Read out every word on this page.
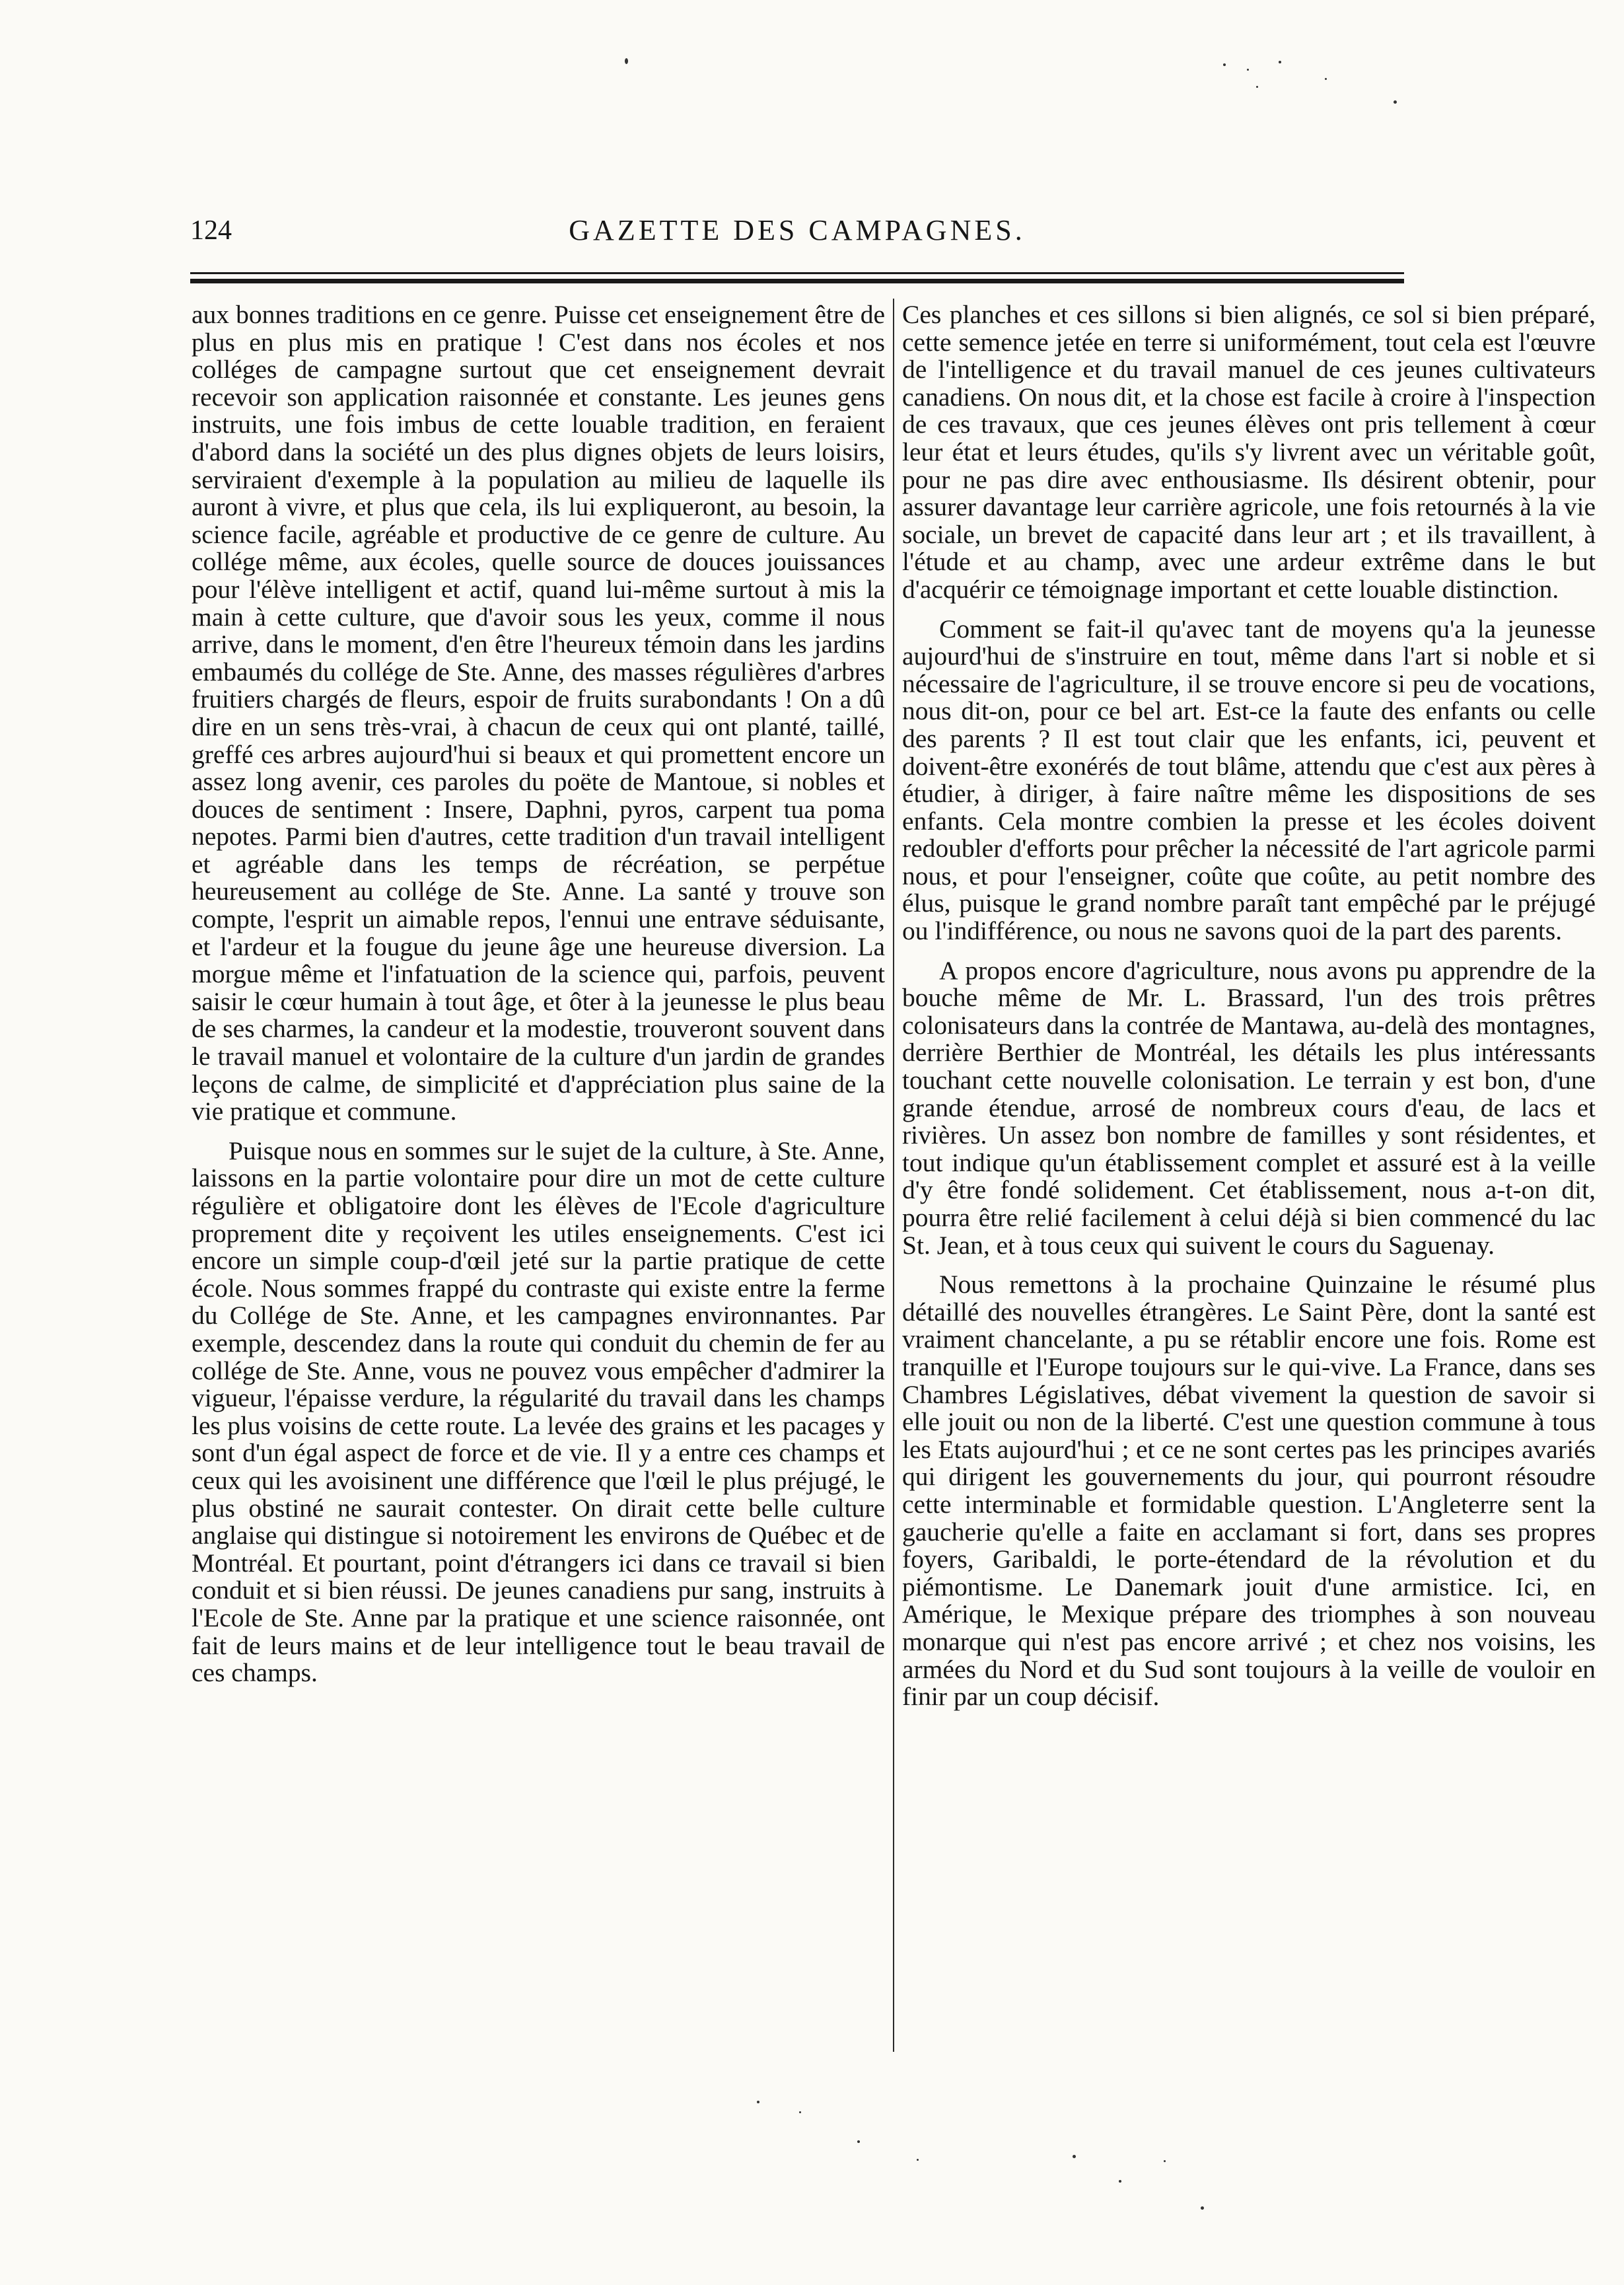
124	GAZETTE DES CAMPAGNES.

aux bonnes traditions en ce genre. Puisse cet enseignement être de plus en plus mis en pratique ! C'est dans nos écoles et nos colléges de campagne surtout que cet enseignement devrait recevoir son application raisonnée et constante. Les jeunes gens instruits, une fois imbus de cette louable tradition, en feraient d'abord dans la société un des plus dignes objets de leurs loisirs, serviraient d'exemple à la population au milieu de laquelle ils auront à vivre, et plus que cela, ils lui expliqueront, au besoin, la science facile, agréable et productive de ce genre de culture. Au collége même, aux écoles, quelle source de douces jouissances pour l'élève intelligent et actif, quand lui-même surtout à mis la main à cette culture, que d'avoir sous les yeux, comme il nous arrive, dans le moment, d'en être l'heureux témoin dans les jardins embaumés du collége de Ste. Anne, des masses régulières d'arbres fruitiers chargés de fleurs, espoir de fruits surabondants ! On a dû dire en un sens très-vrai, à chacun de ceux qui ont planté, taillé, greffé ces arbres aujourd'hui si beaux et qui promettent encore un assez long avenir, ces paroles du poëte de Mantoue, si nobles et douces de sentiment : Insere, Daphni, pyros, carpent tua poma nepotes. Parmi bien d'autres, cette tradition d'un travail intelligent et agréable dans les temps de récréation, se perpétue heureusement au collége de Ste. Anne. La santé y trouve son compte, l'esprit un aimable repos, l'ennui une entrave séduisante, et l'ardeur et la fougue du jeune âge une heureuse diversion. La morgue même et l'infatuation de la science qui, parfois, peuvent saisir le cœur humain à tout âge, et ôter à la jeunesse le plus beau de ses charmes, la candeur et la modestie, trouveront souvent dans le travail manuel et volontaire de la culture d'un jardin de grandes leçons de calme, de simplicité et d'appréciation plus saine de la vie pratique et commune.

Puisque nous en sommes sur le sujet de la culture, à Ste. Anne, laissons en la partie volontaire pour dire un mot de cette culture régulière et obligatoire dont les élèves de l'Ecole d'agriculture proprement dite y reçoivent les utiles enseignements. C'est ici encore un simple coup-d'œil jeté sur la partie pratique de cette école. Nous sommes frappé du contraste qui existe entre la ferme du Collége de Ste. Anne, et les campagnes environnantes. Par exemple, descendez dans la route qui conduit du chemin de fer au collége de Ste. Anne, vous ne pouvez vous empêcher d'admirer la vigueur, l'épaisse verdure, la régularité du travail dans les champs les plus voisins de cette route. La levée des grains et les pacages y sont d'un égal aspect de force et de vie. Il y a entre ces champs et ceux qui les avoisinent une différence que l'œil le plus préjugé, le plus obstiné ne saurait contester. On dirait cette belle culture anglaise qui distingue si notoirement les environs de Québec et de Montréal. Et pourtant, point d'étrangers ici dans ce travail si bien conduit et si bien réussi. De jeunes canadiens pur sang, instruits à l'Ecole de Ste. Anne par la pratique et une science raisonnée, ont fait de leurs mains et de leur intelligence tout le beau travail de ces champs.

Ces planches et ces sillons si bien alignés, ce sol si bien préparé, cette semence jetée en terre si uniformément, tout cela est l'œuvre de l'intelligence et du travail manuel de ces jeunes cultivateurs canadiens. On nous dit, et la chose est facile à croire à l'inspection de ces travaux, que ces jeunes élèves ont pris tellement à cœur leur état et leurs études, qu'ils s'y livrent avec un véritable goût, pour ne pas dire avec enthousiasme. Ils désirent obtenir, pour assurer davantage leur carrière agricole, une fois retournés à la vie sociale, un brevet de capacité dans leur art ; et ils travaillent, à l'étude et au champ, avec une ardeur extrême dans le but d'acquérir ce témoignage important et cette louable distinction.

Comment se fait-il qu'avec tant de moyens qu'a la jeunesse aujourd'hui de s'instruire en tout, même dans l'art si noble et si nécessaire de l'agriculture, il se trouve encore si peu de vocations, nous dit-on, pour ce bel art. Est-ce la faute des enfants ou celle des parents ? Il est tout clair que les enfants, ici, peuvent et doivent-être exonérés de tout blâme, attendu que c'est aux pères à étudier, à diriger, à faire naître même les dispositions de ses enfants. Cela montre combien la presse et les écoles doivent redoubler d'efforts pour prêcher la nécessité de l'art agricole parmi nous, et pour l'enseigner, coûte que coûte, au petit nombre des élus, puisque le grand nombre paraît tant empêché par le préjugé ou l'indifférence, ou nous ne savons quoi de la part des parents.

A propos encore d'agriculture, nous avons pu apprendre de la bouche même de Mr. L. Brassard, l'un des trois prêtres colonisateurs dans la contrée de Mantawa, au-delà des montagnes, derrière Berthier de Montréal, les détails les plus intéressants touchant cette nouvelle colonisation. Le terrain y est bon, d'une grande étendue, arrosé de nombreux cours d'eau, de lacs et rivières. Un assez bon nombre de familles y sont résidentes, et tout indique qu'un établissement complet et assuré est à la veille d'y être fondé solidement. Cet établissement, nous a-t-on dit, pourra être relié facilement à celui déjà si bien commencé du lac St. Jean, et à tous ceux qui suivent le cours du Saguenay.

Nous remettons à la prochaine Quinzaine le résumé plus détaillé des nouvelles étrangères. Le Saint Père, dont la santé est vraiment chancelante, a pu se rétablir encore une fois. Rome est tranquille et l'Europe toujours sur le qui-vive. La France, dans ses Chambres Législatives, débat vivement la question de savoir si elle jouit ou non de la liberté. C'est une question commune à tous les Etats aujourd'hui ; et ce ne sont certes pas les principes avariés qui dirigent les gouvernements du jour, qui pourront résoudre cette interminable et formidable question. L'Angleterre sent la gaucherie qu'elle a faite en acclamant si fort, dans ses propres foyers, Garibaldi, le porte-étendard de la révolution et du piémontisme. Le Danemark jouit d'une armistice. Ici, en Amérique, le Mexique prépare des triomphes à son nouveau monarque qui n'est pas encore arrivé ; et chez nos voisins, les armées du Nord et du Sud sont toujours à la veille de vouloir en finir par un coup décisif.
